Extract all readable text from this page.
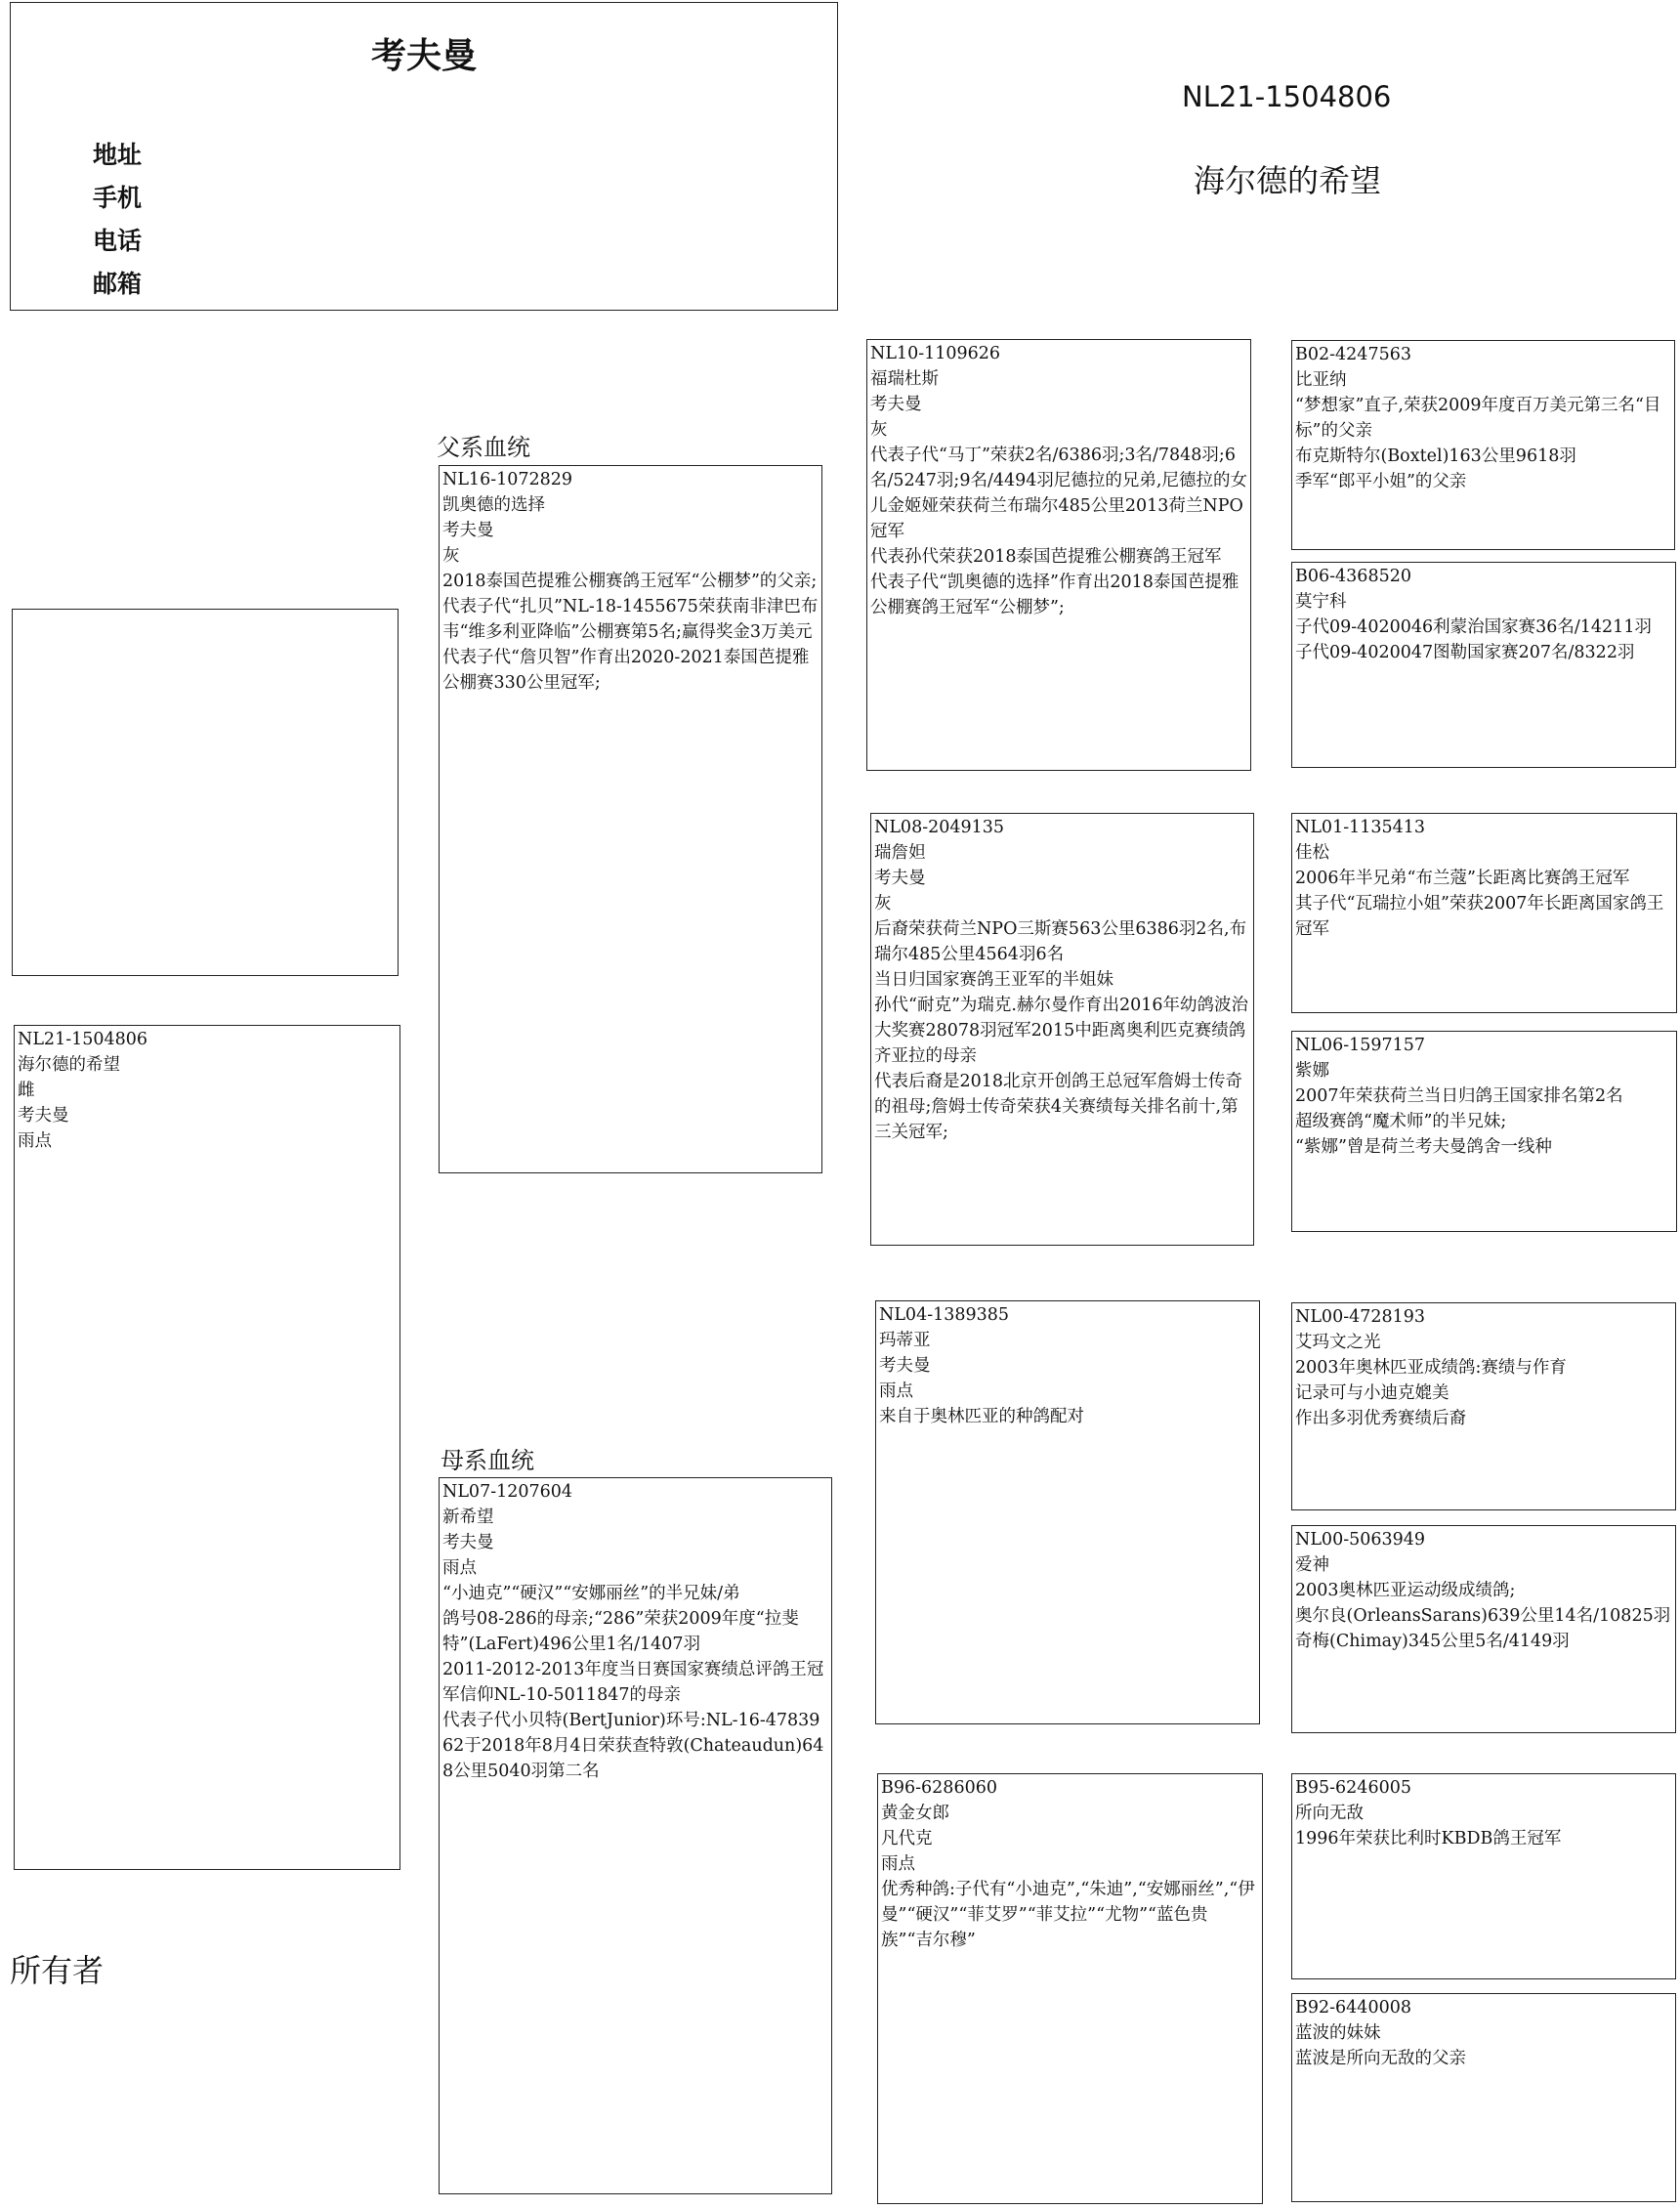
考夫曼
地址
手机
电话
邮箱
NL21-1504806
海尔德的希望
父系血统
母系血统
所有者
NL21-1504806
海尔德的希望
雌
考夫曼
雨点
NL16-1072829
凯奥德的选择
考夫曼
灰
2018泰国芭提雅公棚赛鸽王冠军“公棚梦”的父亲;
代表子代“扎贝”NL-18-1455675荣获南非津巴布韦“维多利亚降临”公棚赛第5名;赢得奖金3万美元
代表子代“詹贝智”作育出2020-2021泰国芭提雅公棚赛330公里冠军;
NL07-1207604
新希望
考夫曼
雨点
“小迪克”“硬汉”“安娜丽丝”的半兄妹/弟
鸽号08-286的母亲;“286”荣获2009年度“拉斐特”(LaFert)496公里1名/1407羽
2011-2012-2013年度当日赛国家赛绩总评鸽王冠军信仰NL-10-5011847的母亲
代表子代小贝特(BertJunior)环号:NL-16-4783962于2018年8月4日荣获查特敦(Chateaudun)648公里5040羽第二名
NL10-1109626
福瑞杜斯
考夫曼
灰
代表子代“马丁”荣获2名/6386羽;3名/7848羽;6名/5247羽;9名/4494羽尼德拉的兄弟,尼德拉的女儿金姬娅荣获荷兰布瑞尔485公里2013荷兰NPO冠军
代表孙代荣获2018泰国芭提雅公棚赛鸽王冠军
代表子代“凯奥德的选择”作育出2018泰国芭提雅公棚赛鸽王冠军“公棚梦”;
NL08-2049135
瑞詹妲
考夫曼
灰
后裔荣获荷兰NPO三斯赛563公里6386羽2名,布瑞尔485公里4564羽6名
当日归国家赛鸽王亚军的半姐妹
孙代“耐克”为瑞克.赫尔曼作育出2016年幼鸽波治大奖赛28078羽冠军2015中距离奥利匹克赛绩鸽齐亚拉的母亲
代表后裔是2018北京开创鸽王总冠军詹姆士传奇的祖母;詹姆士传奇荣获4关赛绩每关排名前十,第三关冠军;
NL04-1389385
玛蒂亚
考夫曼
雨点
来自于奥林匹亚的种鸽配对
B96-6286060
黄金女郎
凡代克
雨点
优秀种鸽:子代有“小迪克”,“朱迪”,“安娜丽丝”,“伊曼”“硬汉”“菲艾罗”“菲艾拉”“尤物”“蓝色贵族”“吉尔穆”
B02-4247563
比亚纳
“梦想家”直子,荣获2009年度百万美元第三名“目标”的父亲
布克斯特尔(Boxtel)163公里9618羽
季军“郎平小姐”的父亲
B06-4368520
莫宁科
子代09-4020046利蒙治国家赛36名/14211羽
子代09-4020047图勒国家赛207名/8322羽
NL01-1135413
佳松
2006年半兄弟“布兰蔻”长距离比赛鸽王冠军
其子代“瓦瑞拉小姐”荣获2007年长距离国家鸽王冠军
NL06-1597157
紫娜
2007年荣获荷兰当日归鸽王国家排名第2名
超级赛鸽“魔术师”的半兄妹;
“紫娜”曾是荷兰考夫曼鸽舍一线种
NL00-4728193
艾玛文之光
2003年奥林匹亚成绩鸽:赛绩与作育
记录可与小迪克媲美
作出多羽优秀赛绩后裔
NL00-5063949
爱神
2003奥林匹亚运动级成绩鸽;
奥尔良(OrleansSarans)639公里14名/10825羽
奇梅(Chimay)345公里5名/4149羽
B95-6246005
所向无敌
1996年荣获比利时KBDB鸽王冠军
B92-6440008
蓝波的妹妹
蓝波是所向无敌的父亲
